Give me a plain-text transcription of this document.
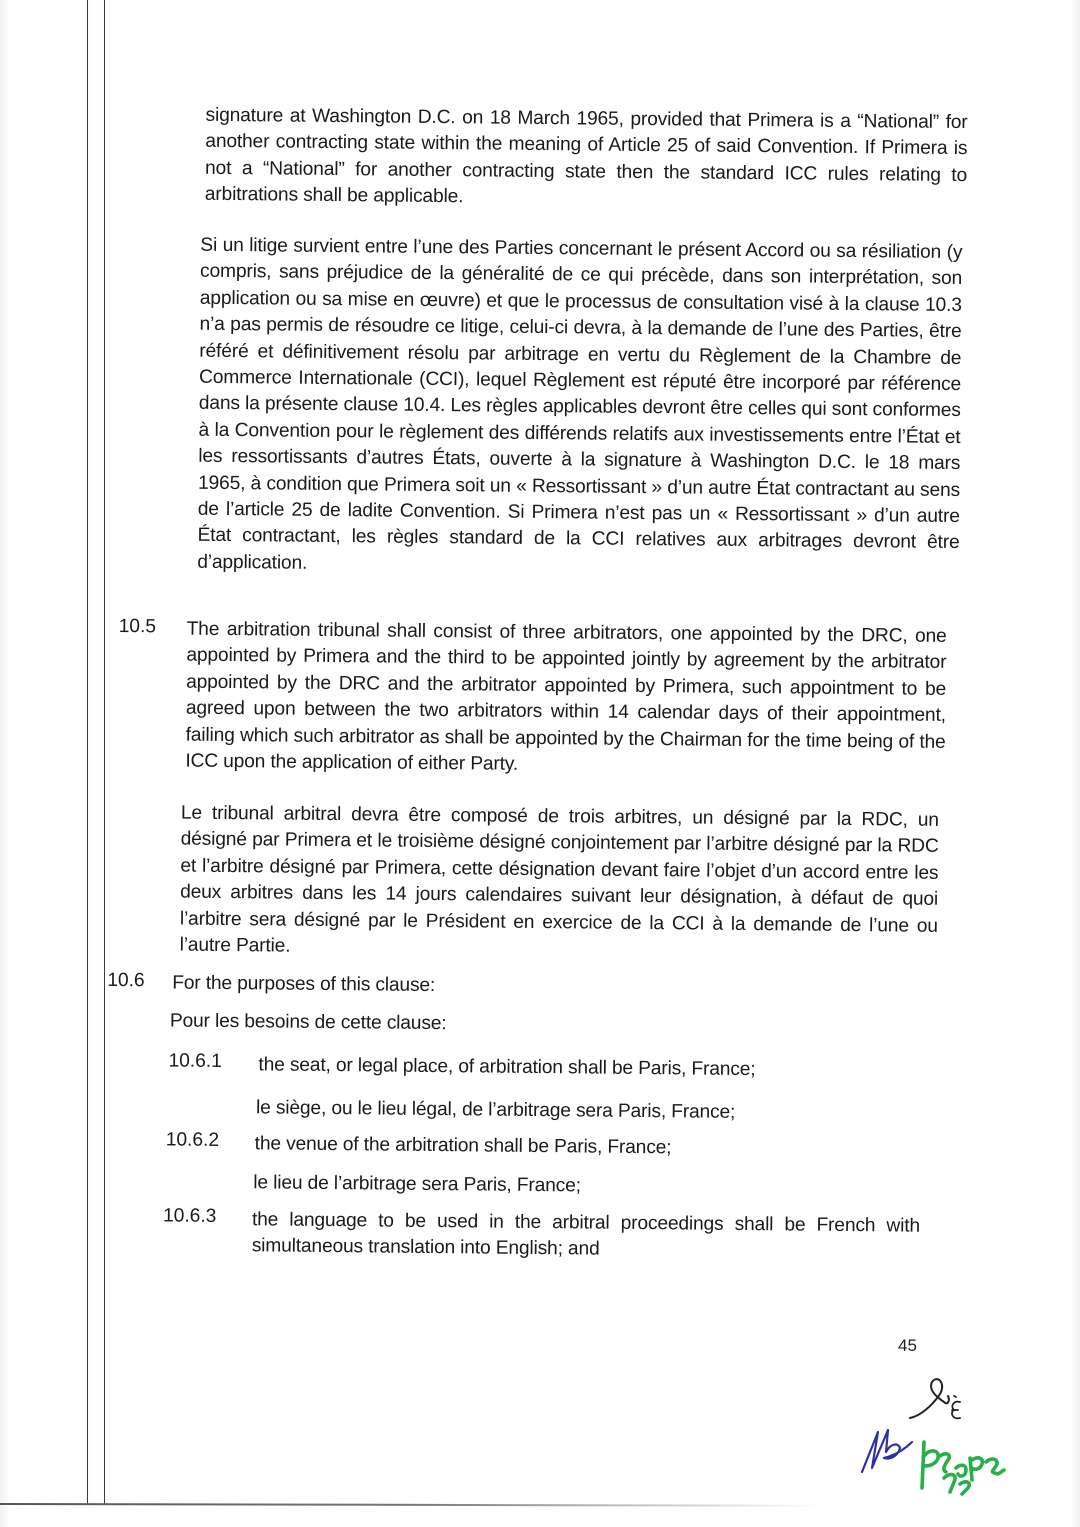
signature at Washington D.C. on 18 March 1965, provided that Primera is a “National” for another contracting state within the meaning of Article 25 of said Convention. If Primera is not a “National” for another contracting state then the standard ICC rules relating to arbitrations shall be applicable.
Si un litige survient entre l’une des Parties concernant le présent Accord ou sa résiliation (y compris, sans préjudice de la généralité de ce qui précède, dans son interprétation, son application ou sa mise en œuvre) et que le processus de consultation visé à la clause 10.3 n’a pas permis de résoudre ce litige, celui-ci devra, à la demande de l’une des Parties, être référé et définitivement résolu par arbitrage en vertu du Règlement de la Chambre de Commerce Internationale (CCI), lequel Règlement est réputé être incorporé par référence dans la présente clause 10.4. Les règles applicables devront être celles qui sont conformes à la Convention pour le règlement des différends relatifs aux investissements entre l’État et les ressortissants d’autres États, ouverte à la signature à Washington D.C. le 18 mars 1965, à condition que Primera soit un « Ressortissant » d’un autre État contractant au sens de l’article 25 de ladite Convention. Si Primera n’est pas un « Ressortissant » d’un autre État contractant, les règles standard de la CCI relatives aux arbitrages devront être d’application.
10.5 The arbitration tribunal shall consist of three arbitrators, one appointed by the DRC, one appointed by Primera and the third to be appointed jointly by agreement by the arbitrator appointed by the DRC and the arbitrator appointed by Primera, such appointment to be agreed upon between the two arbitrators within 14 calendar days of their appointment, failing which such arbitrator as shall be appointed by the Chairman for the time being of the ICC upon the application of either Party.
Le tribunal arbitral devra être composé de trois arbitres, un désigné par la RDC, un désigné par Primera et le troisième désigné conjointement par l’arbitre désigné par la RDC et l’arbitre désigné par Primera, cette désignation devant faire l’objet d’un accord entre les deux arbitres dans les 14 jours calendaires suivant leur désignation, à défaut de quoi l’arbitre sera désigné par le Président en exercice de la CCI à la demande de l’une ou l’autre Partie.
10.6 For the purposes of this clause:
Pour les besoins de cette clause:
10.6.1 the seat, or legal place, of arbitration shall be Paris, France;
le siège, ou le lieu légal, de l’arbitrage sera Paris, France;
10.6.2 the venue of the arbitration shall be Paris, France;
le lieu de l’arbitrage sera Paris, France;
10.6.3 the language to be used in the arbitral proceedings shall be French with simultaneous translation into English; and
45
